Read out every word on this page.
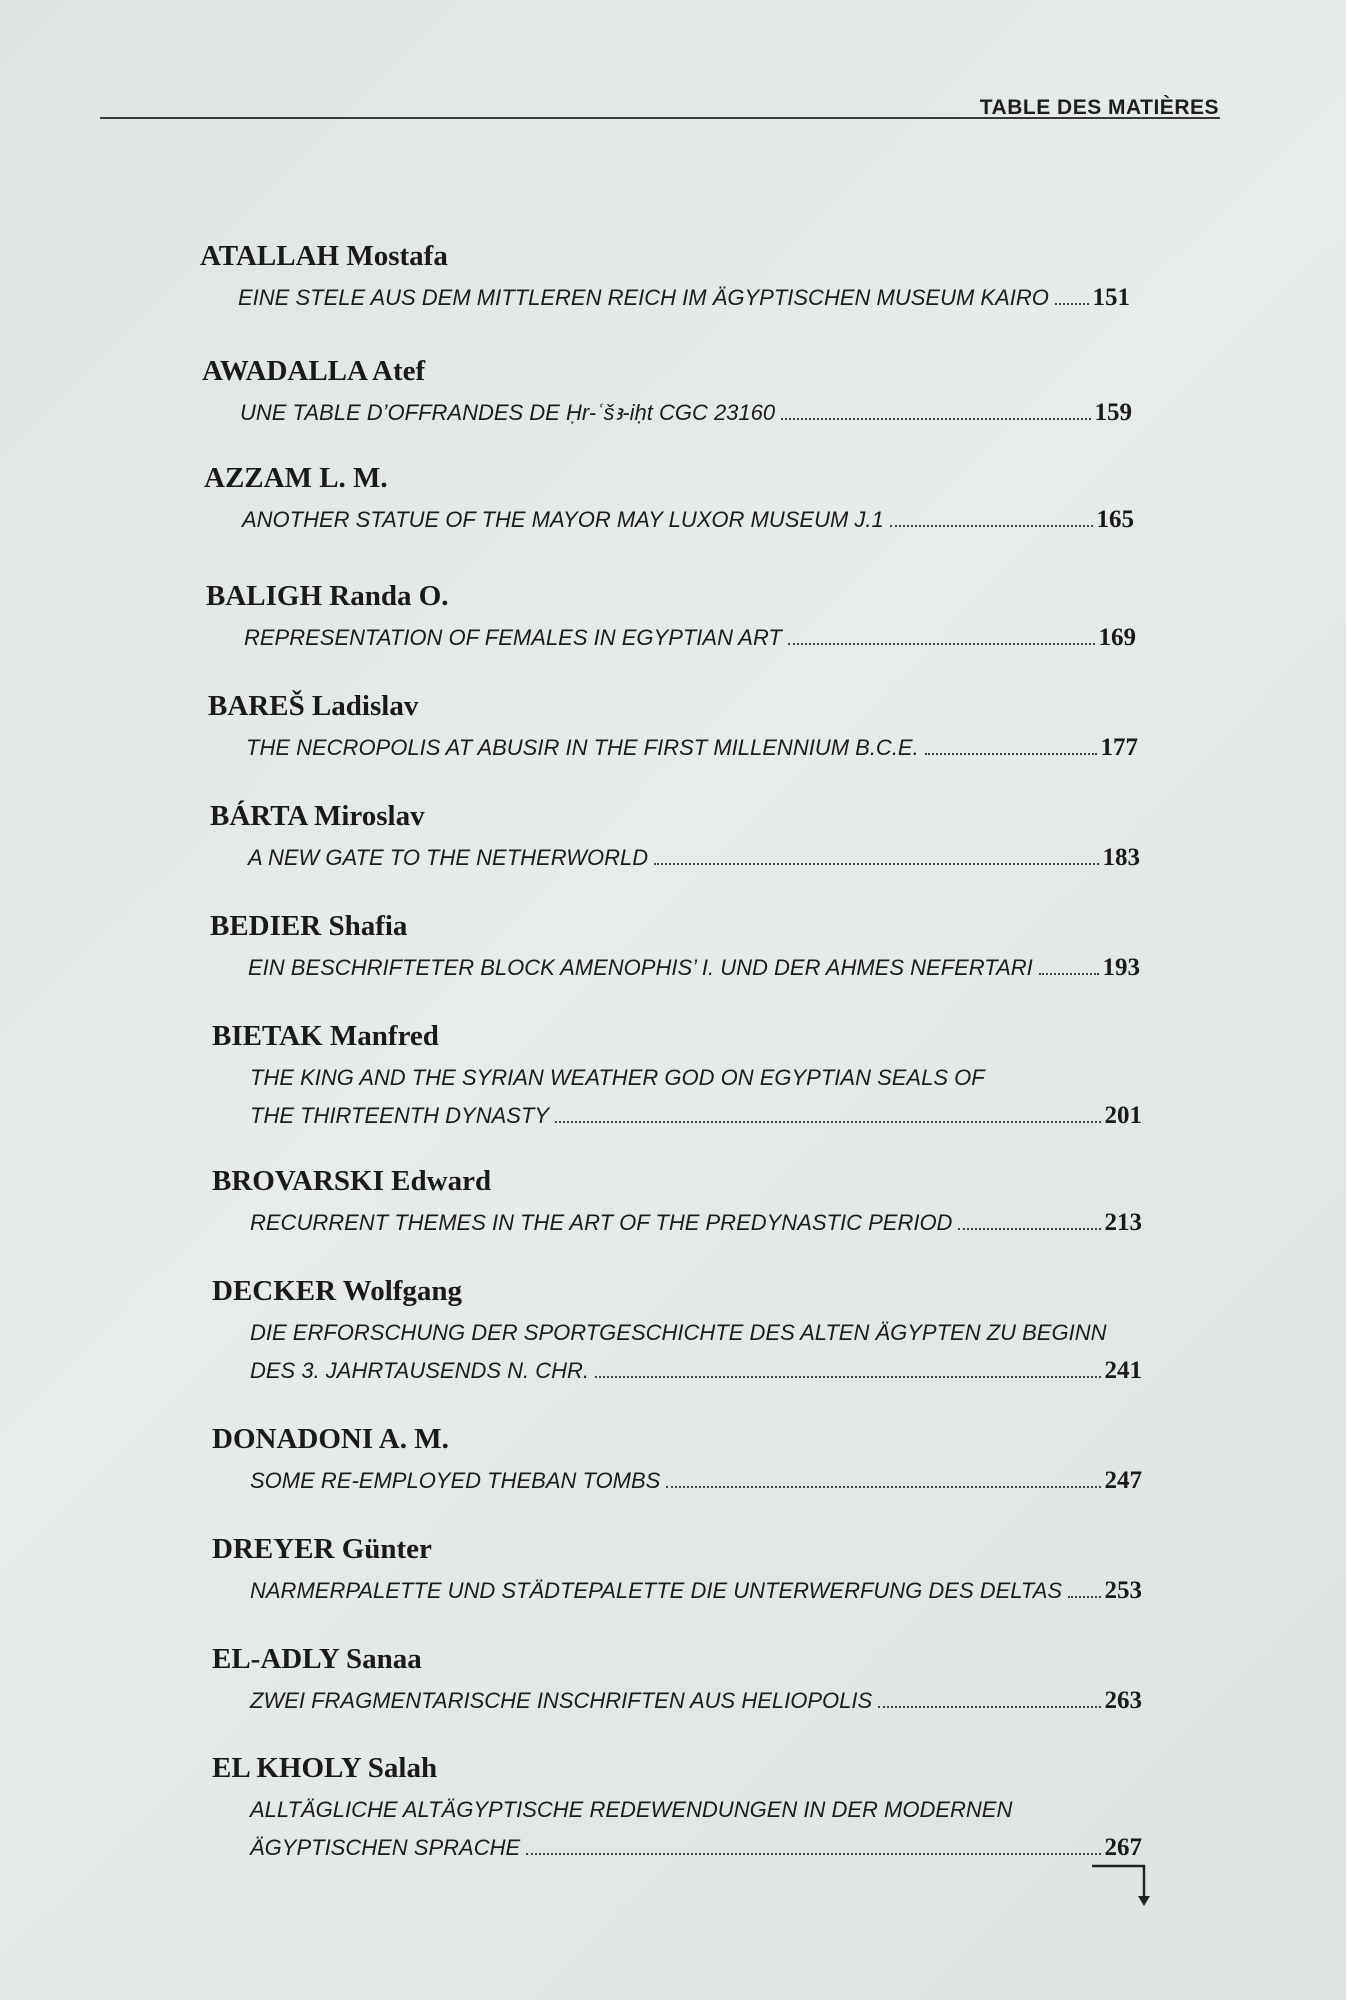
TABLE DES MATIÈRES
ATALLAH Mostafa
EINE STELE AUS DEM MITTLEREN REICH IM ÄGYPTISCHEN MUSEUM KAIRO 151
AWADALLA Atef
UNE TABLE D’OFFRANDES DE Ḥr-ʿšꜣ-iḥt CGC 23160	159
AZZAM L. M.
ANOTHER STATUE OF THE MAYOR MAY LUXOR MUSEUM J.1	165
BALIGH Randa O.
REPRESENTATION OF FEMALES IN EGYPTIAN ART	169
BAREŠ Ladislav
THE NECROPOLIS AT ABUSIR IN THE FIRST MILLENNIUM B.C.E.	177
BÁRTA Miroslav
A NEW GATE TO THE NETHERWORLD	183
BEDIER Shafia
EIN BESCHRIFTETER BLOCK AMENOPHIS’ I. UND DER AHMES NEFERTARI	193
BIETAK Manfred
THE KING AND THE SYRIAN WEATHER GOD ON EGYPTIAN SEALS OF
THE THIRTEENTH DYNASTY	201
BROVARSKI Edward
RECURRENT THEMES IN THE ART OF THE PREDYNASTIC PERIOD	213
DECKER Wolfgang
DIE ERFORSCHUNG DER SPORTGESCHICHTE DES ALTEN ÄGYPTEN ZU BEGINN
DES 3. JAHRTAUSENDS N. CHR.	241
DONADONI A. M.
SOME RE-EMPLOYED THEBAN TOMBS	247
DREYER Günter
NARMERPALETTE UND STÄDTEPALETTE DIE UNTERWERFUNG DES DELTAS 253
EL-ADLY Sanaa
ZWEI FRAGMENTARISCHE INSCHRIFTEN AUS HELIOPOLIS	263
EL KHOLY Salah
ALLTÄGLICHE ALTÄGYPTISCHE REDEWENDUNGEN IN DER MODERNEN
ÄGYPTISCHEN SPRACHE	267
